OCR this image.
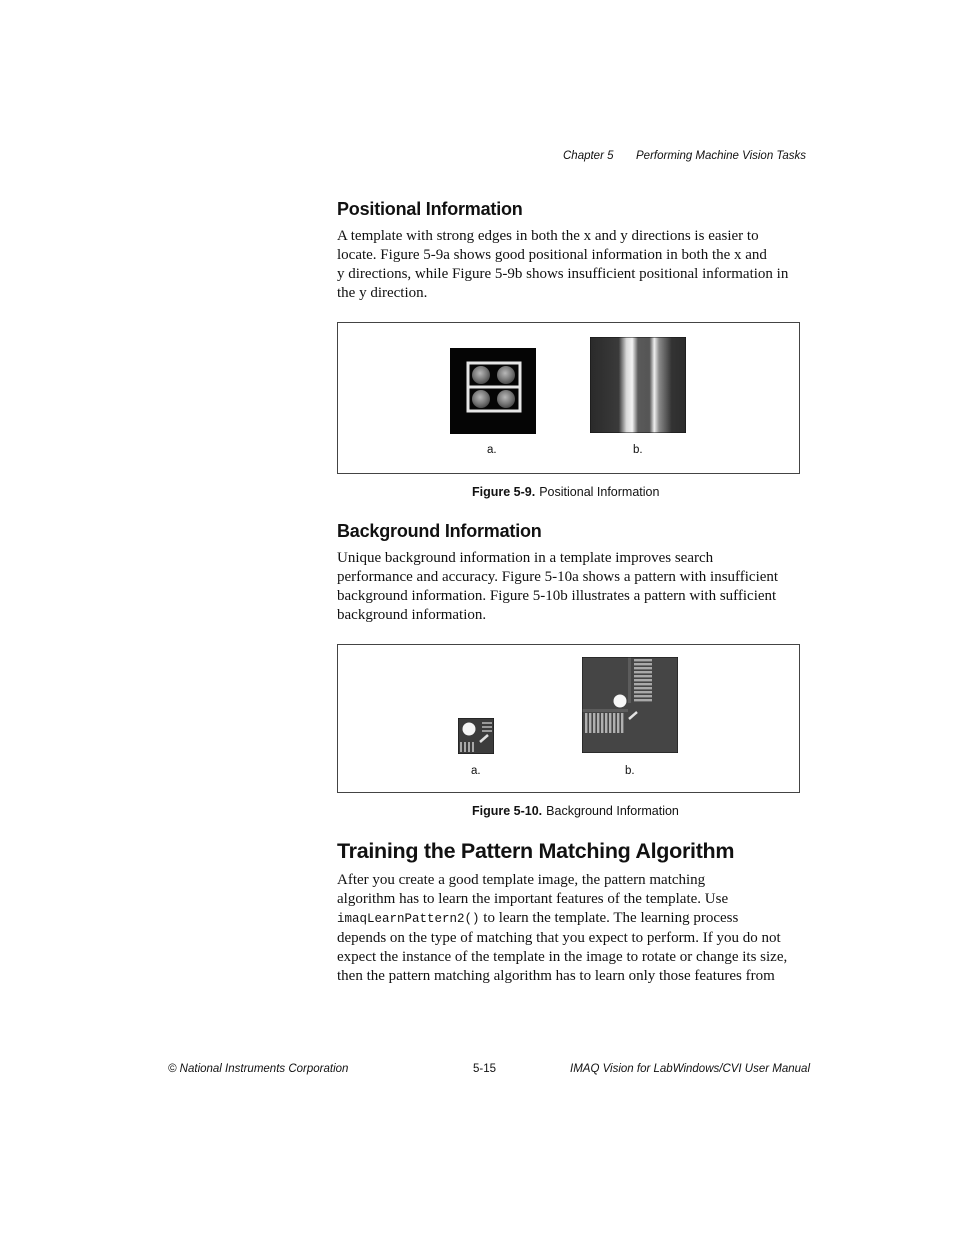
Chapter 5 Performing Machine Vision Tasks
Positional Information
A template with strong edges in both the x and y directions is easier to
locate. Figure 5-9a shows good positional information in both the x and
y directions, while Figure 5-9b shows insufficient positional information in
the y direction.
a.	b.
Figure 5-9. Positional Information
Background Information
Unique background information in a template improves search
performance and accuracy. Figure 5-10a shows a pattern with insufficient
background information. Figure 5-10b illustrates a pattern with sufficient
background information.
a.	b.
Figure 5-10. Background Information
Training the Pattern Matching Algorithm
After you create a good template image, the pattern matching
algorithm has to learn the important features of the template. Use
imaqLearnPattern2() to learn the template. The learning process
depends on the type of matching that you expect to perform. If you do not
expect the instance of the template in the image to rotate or change its size,
then the pattern matching algorithm has to learn only those features from
© National Instruments Corporation	5-15	IMAQ Vision for LabWindows/CVI User Manual
